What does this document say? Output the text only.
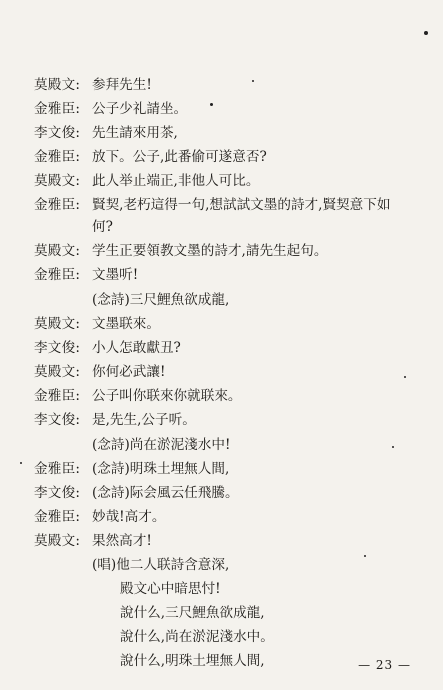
莫殿文: 参拜先生!
金雅臣: 公子少礼請坐。
李文俊: 先生請來用茶,
金雅臣: 放下。公子,此番偷可遂意否?
莫殿文: 此人举止端正,非他人可比。
金雅臣: 賢契,老朽這得一句,想試試文墨的詩才,賢契意下如
何?
莫殿文: 学生正要領教文墨的詩才,請先生起句。
金雅臣: 文墨听!
(念詩)三尺鯉魚欲成龍,
莫殿文: 文墨联來。
李文俊: 小人怎敢獻丑?
莫殿文: 你何必武讓!
金雅臣: 公子叫你联來你就联來。
李文俊: 是,先生,公子听。
(念詩)尚在淤泥淺水中!
金雅臣: (念詩)明珠土埋無人間,
李文俊: (念詩)际会風云任飛騰。
金雅臣: 妙哉!高才。
莫殿文: 果然高才!
(唱)他二人联詩含意深,
殿文心中暗思忖!
說什么,三尺鯉魚欲成龍,
說什么,尚在淤泥淺水中。
說什么,明珠土埋無人間,	— 23 —
